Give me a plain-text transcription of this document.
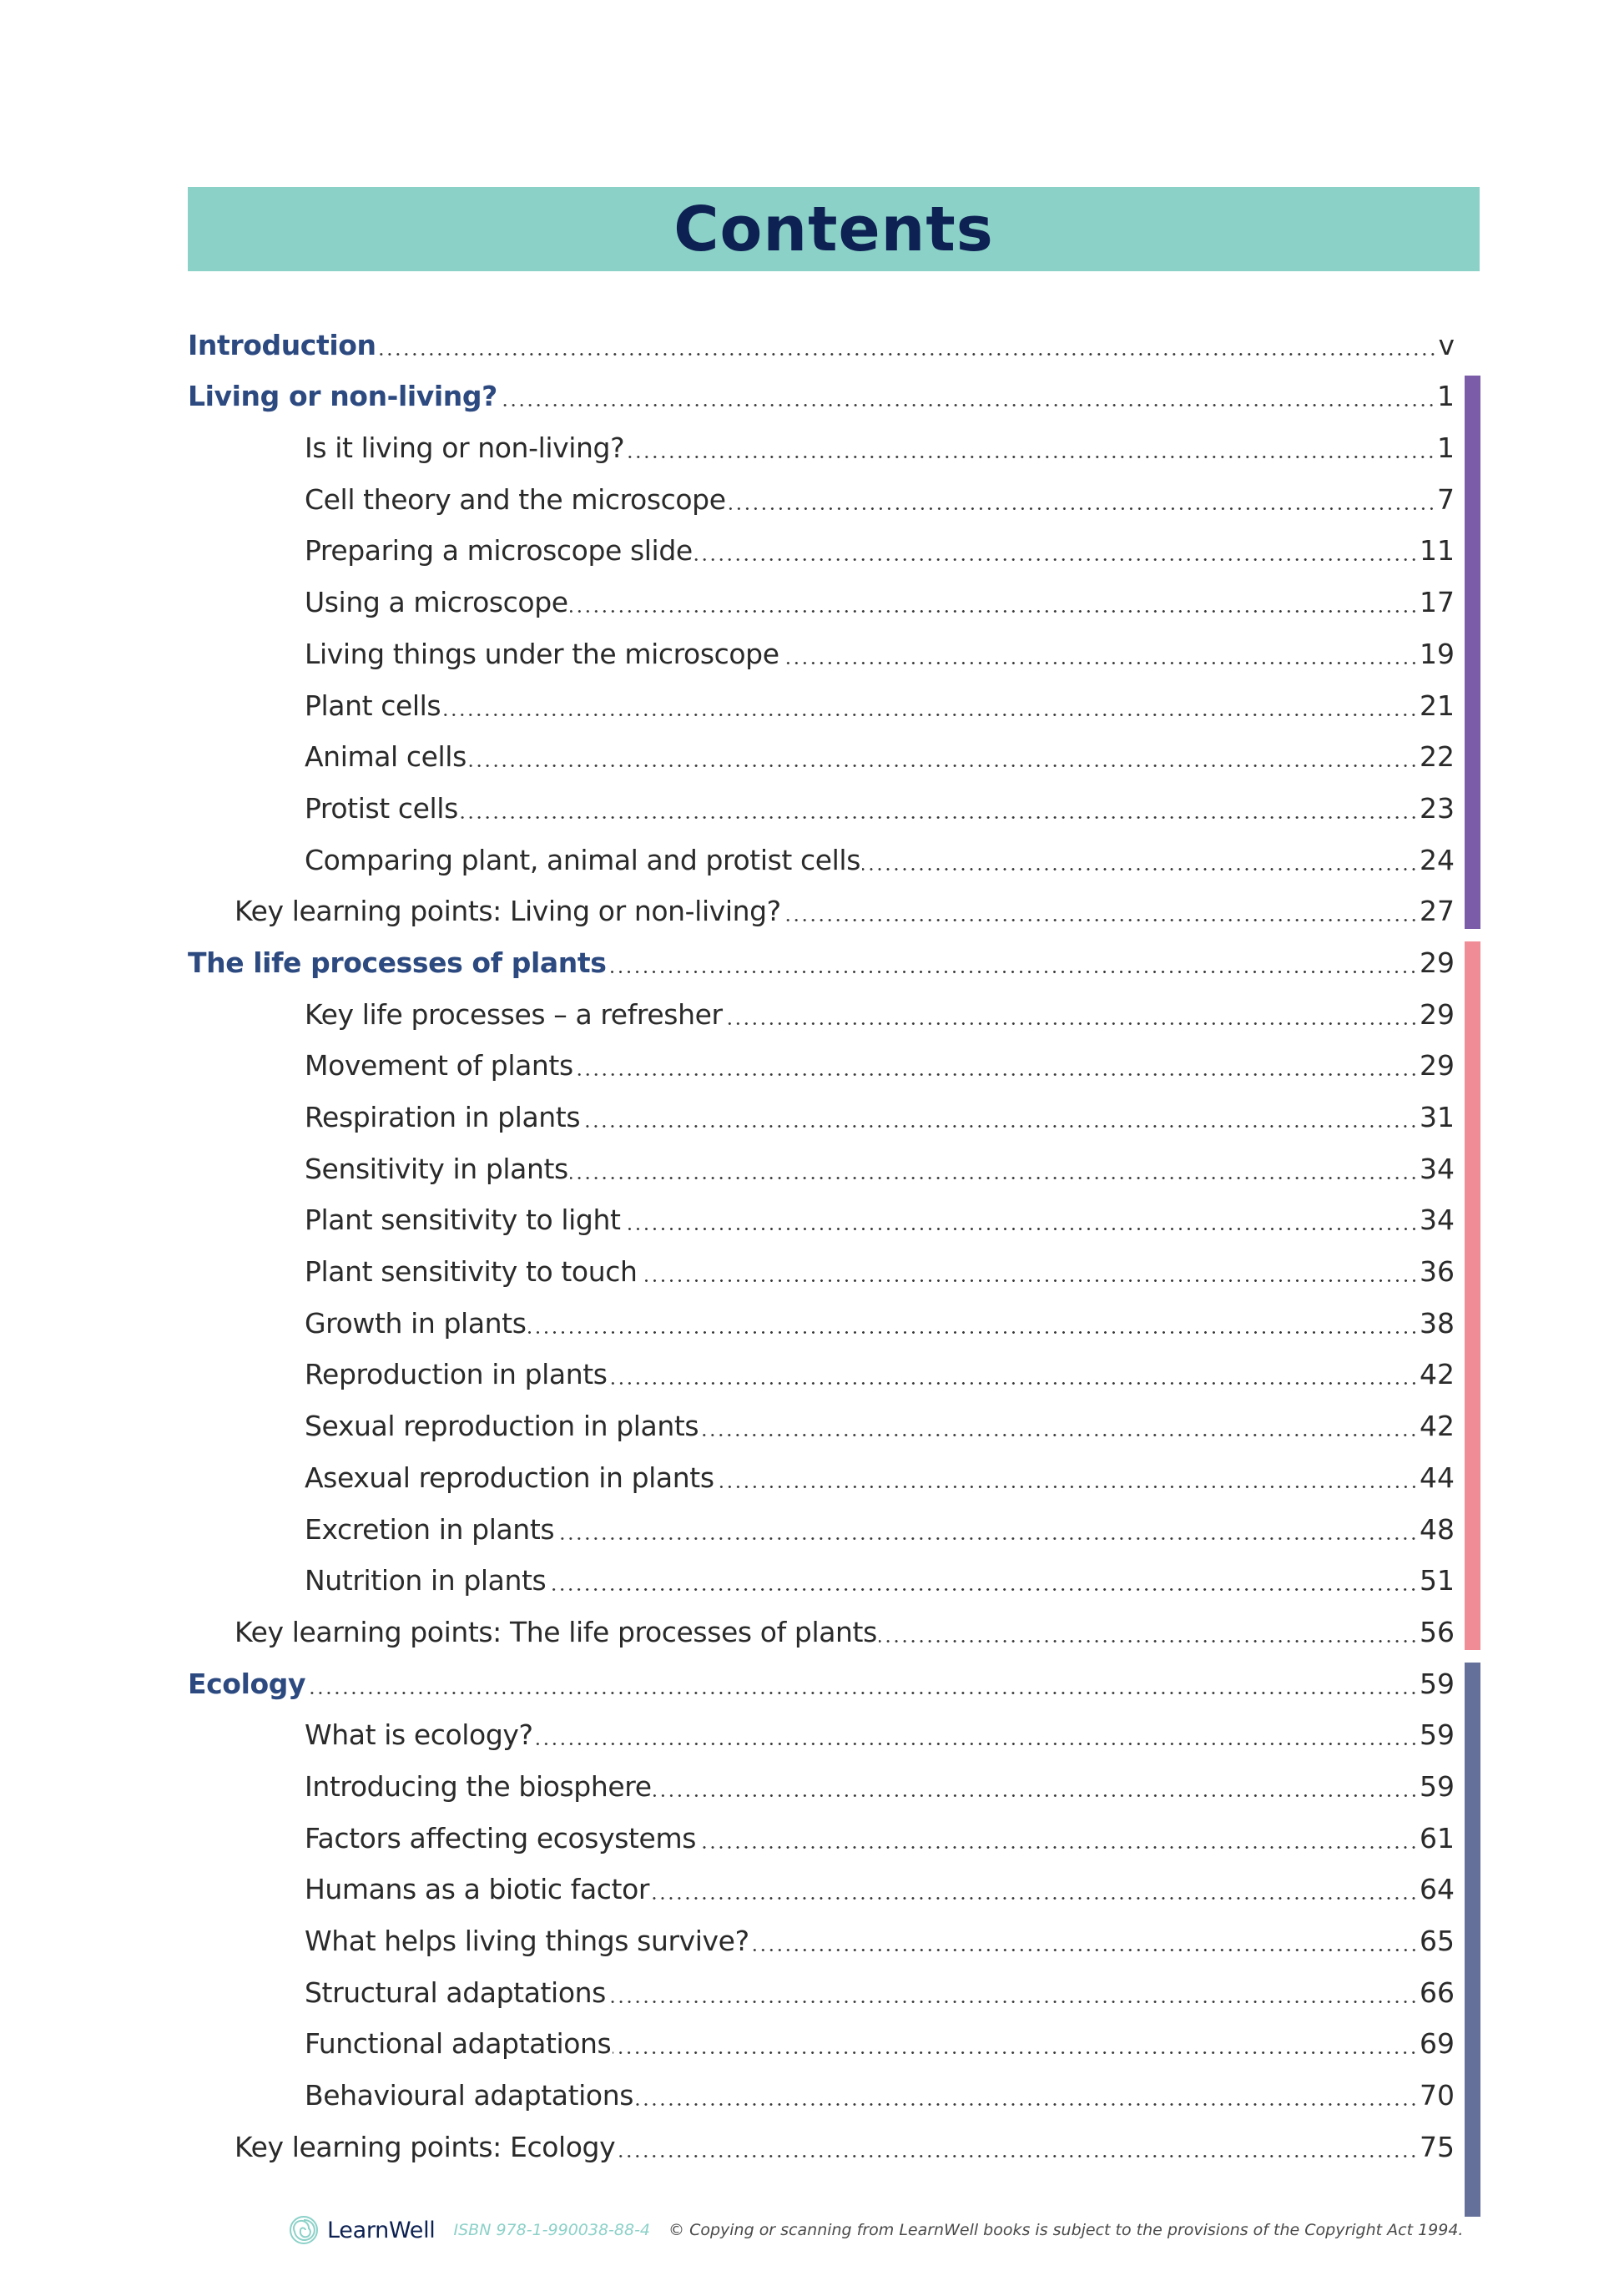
Contents
Introduction	v
Living or non-living?	1
Is it living or non-living?	1
Cell theory and the microscope	7
Preparing a microscope slide	11
Using a microscope	17
Living things under the microscope	19
Plant cells	21
Animal cells	22
Protist cells	23
Comparing plant, animal and protist cells	24
Key learning points: Living or non-living?	27
The life processes of plants	29
Key life processes – a refresher	29
Movement of plants	29
Respiration in plants	31
Sensitivity in plants	34
Plant sensitivity to light	34
Plant sensitivity to touch	36
Growth in plants	38
Reproduction in plants	42
Sexual reproduction in plants	42
Asexual reproduction in plants	44
Excretion in plants	48
Nutrition in plants	51
Key learning points: The life processes of plants	56
Ecology	59
What is ecology?	59
Introducing the biosphere	59
Factors affecting ecosystems	61
Humans as a biotic factor	64
What helps living things survive?	65
Structural adaptations	66
Functional adaptations	69
Behavioural adaptations	70
Key learning points: Ecology	75
LearnWell ISBN 978-1-990038-88-4 © Copying or scanning from LearnWell books is subject to the provisions of the Copyright Act 1994.
